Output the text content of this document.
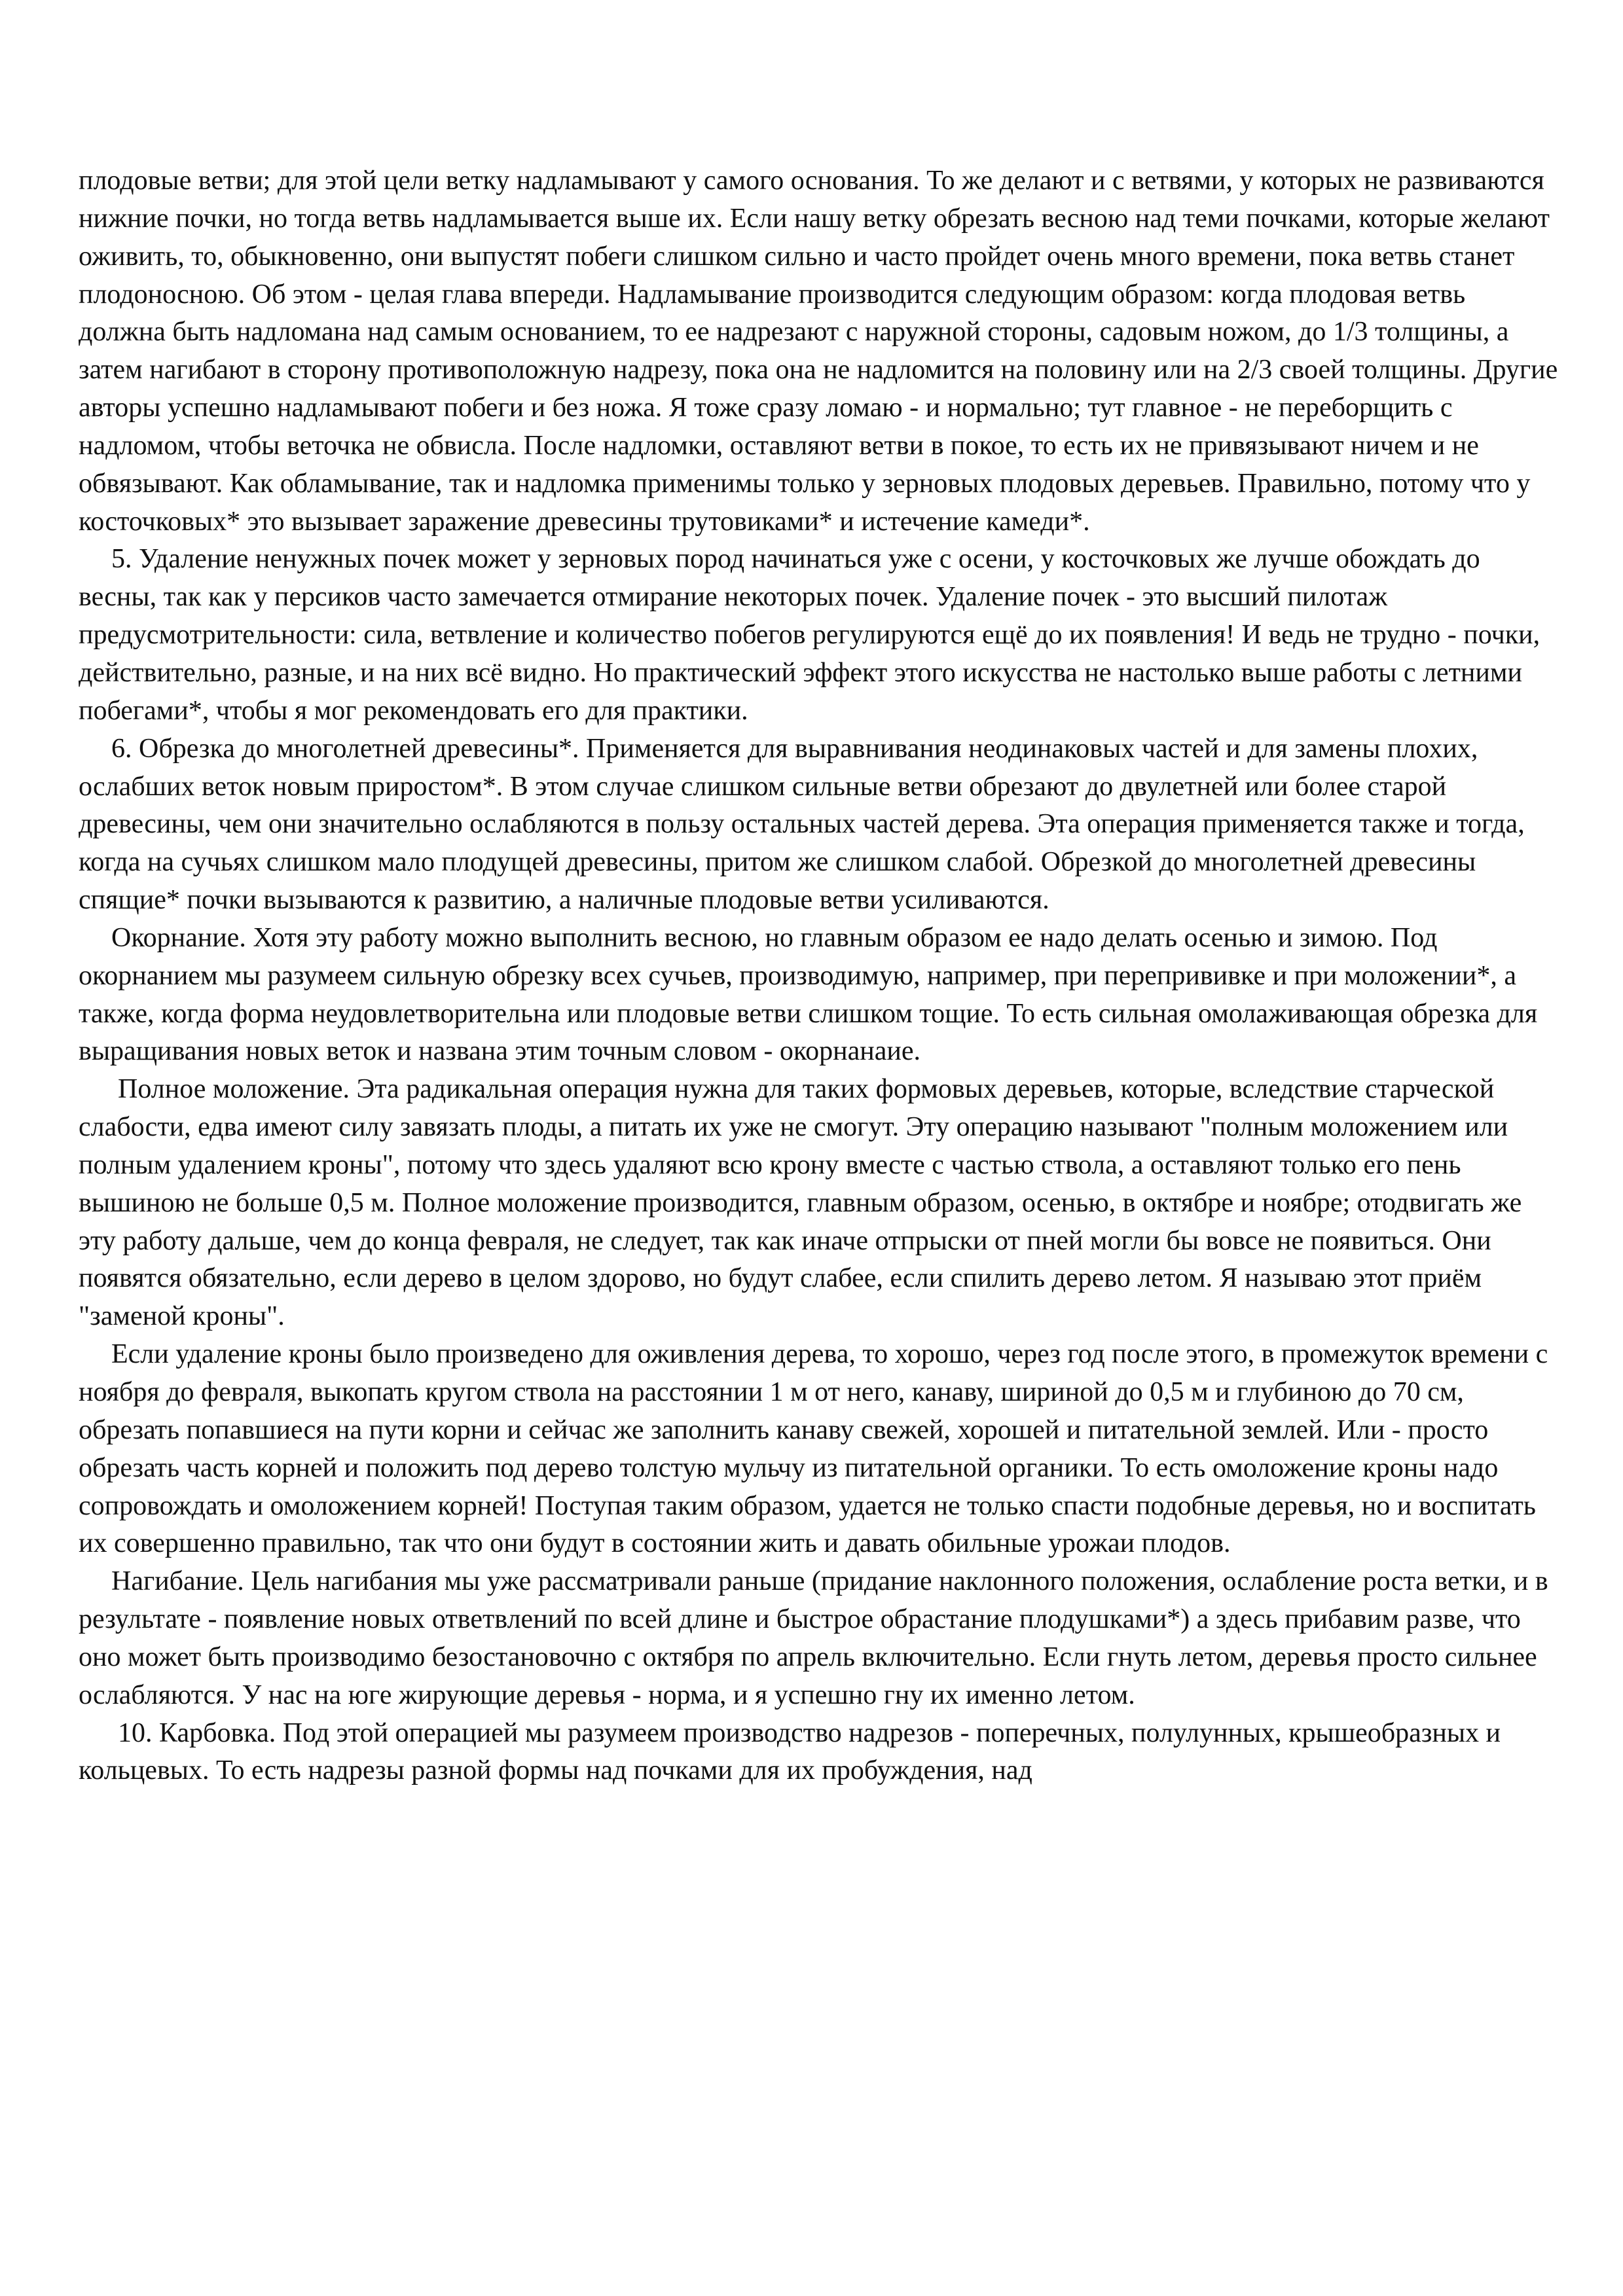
плодовые ветви; для этой цели ветку надламывают у самого основания. То же делают и с ветвями, у которых не развиваются нижние почки, но тогда ветвь надламывается выше их. Если нашу ветку обрезать весною над теми почками, которые желают оживить, то, обыкновенно, они выпустят побеги слишком сильно и часто пройдет очень много времени, пока ветвь станет плодоносною. Об этом - целая глава впереди. Надламывание производится следующим образом: когда плодовая ветвь должна быть надломана над самым основанием, то ее надрезают с наружной стороны, садовым ножом, до 1/3 толщины, а затем нагибают в сторону противоположную надрезу, пока она не надломится на половину или на 2/3 своей толщины. Другие авторы успешно надламывают побеги и без ножа. Я тоже сразу ломаю - и нормально; тут главное - не переборщить с надломом, чтобы веточка не обвисла. После надломки, оставляют ветви в покое, то есть их не привязывают ничем и не обвязывают. Как обламывание, так и надломка применимы только у зерновых плодовых деревьев. Правильно, потому что у косточковых* это вызывает заражение древесины трутовиками* и истечение камеди*.

5. Удаление ненужных почек может у зерновых пород начинаться уже с осени, у косточковых же лучше обождать до весны, так как у персиков часто замечается отмирание некоторых почек. Удаление почек - это высший пилотаж предусмотрительности: сила, ветвление и количество побегов регулируются ещё до их появления! И ведь не трудно - почки, действительно, разные, и на них всё видно. Но практический эффект этого искусства не настолько выше работы с летними побегами*, чтобы я мог рекомендовать его для практики.

6. Обрезка до многолетней древесины*. Применяется для выравнивания неодинаковых частей и для замены плохих, ослабших веток новым приростом*. В этом случае слишком сильные ветви обрезают до двулетней или более старой древесины, чем они значительно ослабляются в пользу остальных частей дерева. Эта операция применяется также и тогда, когда на сучьях слишком мало плодущей древесины, притом же слишком слабой. Обрезкой до многолетней древесины спящие* почки вызываются к развитию, а наличные плодовые ветви усиливаются.

Окорнание. Хотя эту работу можно выполнить весною, но главным образом ее надо делать осенью и зимою. Под окорнанием мы разумеем сильную обрезку всех сучьев, производимую, например, при перепрививке и при моложении*, а также, когда форма неудовлетворительна или плодовые ветви слишком тощие. То есть сильная омолаживающая обрезка для выращивания новых веток и названа этим точным словом - окорнанаие.

Полное моложение. Эта радикальная операция нужна для таких формовых деревьев, которые, вследствие старческой слабости, едва имеют силу завязать плоды, а питать их уже не смогут. Эту операцию называют "полным моложением или полным удалением кроны", потому что здесь удаляют всю крону вместе с частью ствола, а оставляют только его пень вышиною не больше 0,5 м. Полное моложение производится, главным образом, осенью, в октябре и ноябре; отодвигать же эту работу дальше, чем до конца февраля, не следует, так как иначе отпрыски от пней могли бы вовсе не появиться. Они появятся обязательно, если дерево в целом здорово, но будут слабее, если спилить дерево летом. Я называю этот приём "заменой кроны".

Если удаление кроны было произведено для оживления дерева, то хорошо, через год после этого, в промежуток времени с ноября до февраля, выкопать кругом ствола на расстоянии 1 м от него, канаву, шириной до 0,5 м и глубиною до 70 см, обрезать попавшиеся на пути корни и сейчас же заполнить канаву свежей, хорошей и питательной землей. Или - просто обрезать часть корней и положить под дерево толстую мульчу из питательной органики. То есть омоложение кроны надо сопровождать и омоложением корней! Поступая таким образом, удается не только спасти подобные деревья, но и воспитать их совершенно правильно, так что они будут в состоянии жить и давать обильные урожаи плодов.

Нагибание. Цель нагибания мы уже рассматривали раньше (придание наклонного положения, ослабление роста ветки, и в результате - появление новых ответвлений по всей длине и быстрое обрастание плодушками*) а здесь прибавим разве, что оно может быть производимо безостановочно с октября по апрель включительно. Если гнуть летом, деревья просто сильнее ослабляются. У нас на юге жирующие деревья - норма, и я успешно гну их именно летом.

10. Карбовка. Под этой операцией мы разумеем производство надрезов - поперечных, полулунных, крышеобразных и кольцевых. То есть надрезы разной формы над почками для их пробуждения, над
